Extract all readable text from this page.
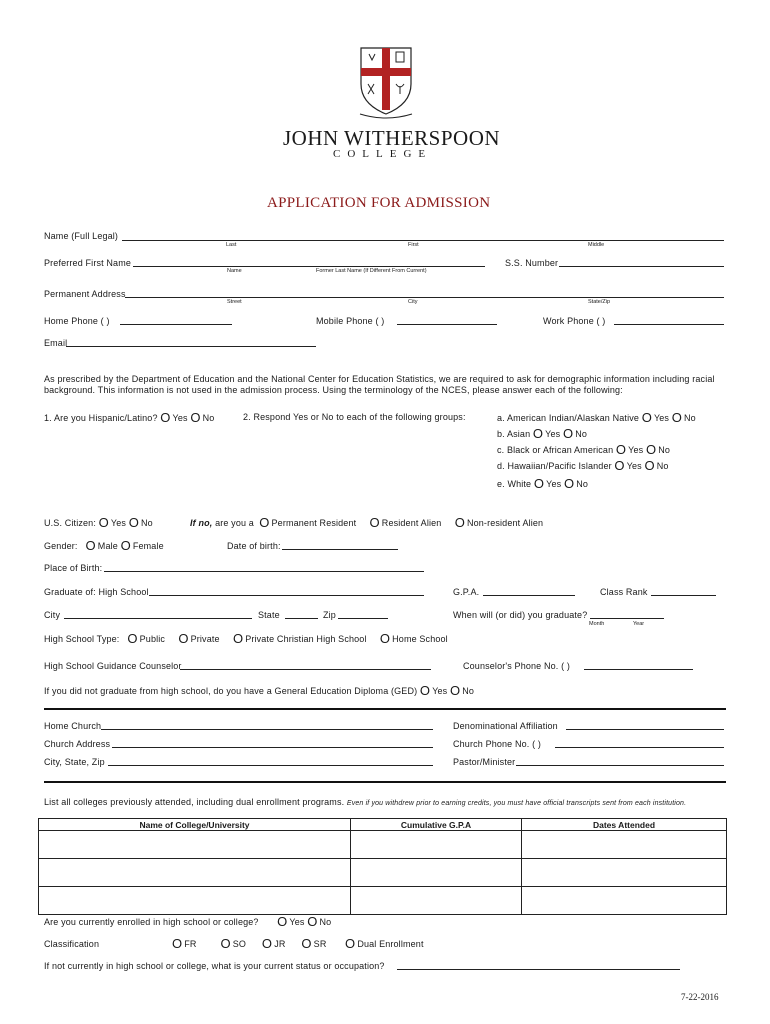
JOHN WITHERSPOON
COLLEGE
APPLICATION FOR ADMISSION
Name (Full Legal)
Last	First	Middle
Preferred First Name
Name	Former Last Name (If Different From Current)
S.S. Number
Permanent Address
Street	City	State/Zip
Home Phone ( )	Mobile Phone ( )	Work Phone ( )
Email
As prescribed by the Department of Education and the National Center for Education Statistics, we are required to ask for demographic information including racial background. This information is not used in the admission process. Using the terminology of the NCES, please answer each of the following:
1. Are you Hispanic/Latino? O Yes O No	2. Respond Yes or No to each of the following groups:	a. American Indian/Alaskan Native O Yes O No
b. Asian O Yes O No
c. Black or African American O Yes O No
d. Hawaiian/Pacific Islander O Yes O No
e. White O Yes O No
U.S. Citizen: O Yes O No	If no, are you a O Permanent Resident O Resident Alien O Non-resident Alien
Gender: O Male O Female	Date of birth:
Place of Birth:
Graduate of: High School	G.P.A.	Class Rank
City	State	Zip	When will (or did) you graduate?
Month	Year
High School Type: O Public O Private O Private Christian High School O Home School
High School Guidance Counselor	Counselor's Phone No. ( )
If you did not graduate from high school, do you have a General Education Diploma (GED) O Yes O No
Home Church	Denominational Affiliation
Church Address	Church Phone No. ( )
City, State, Zip	Pastor/Minister
List all colleges previously attended, including dual enrollment programs. Even if you withdrew prior to earning credits, you must have official transcripts sent from each institution.
Name of College/University	Cumulative G.P.A	Dates Attended

Are you currently enrolled in high school or college? O Yes O No
Classification	O FR O SO O JR O SR O Dual Enrollment
If not currently in high school or college, what is your current status or occupation?
7-22-2016
